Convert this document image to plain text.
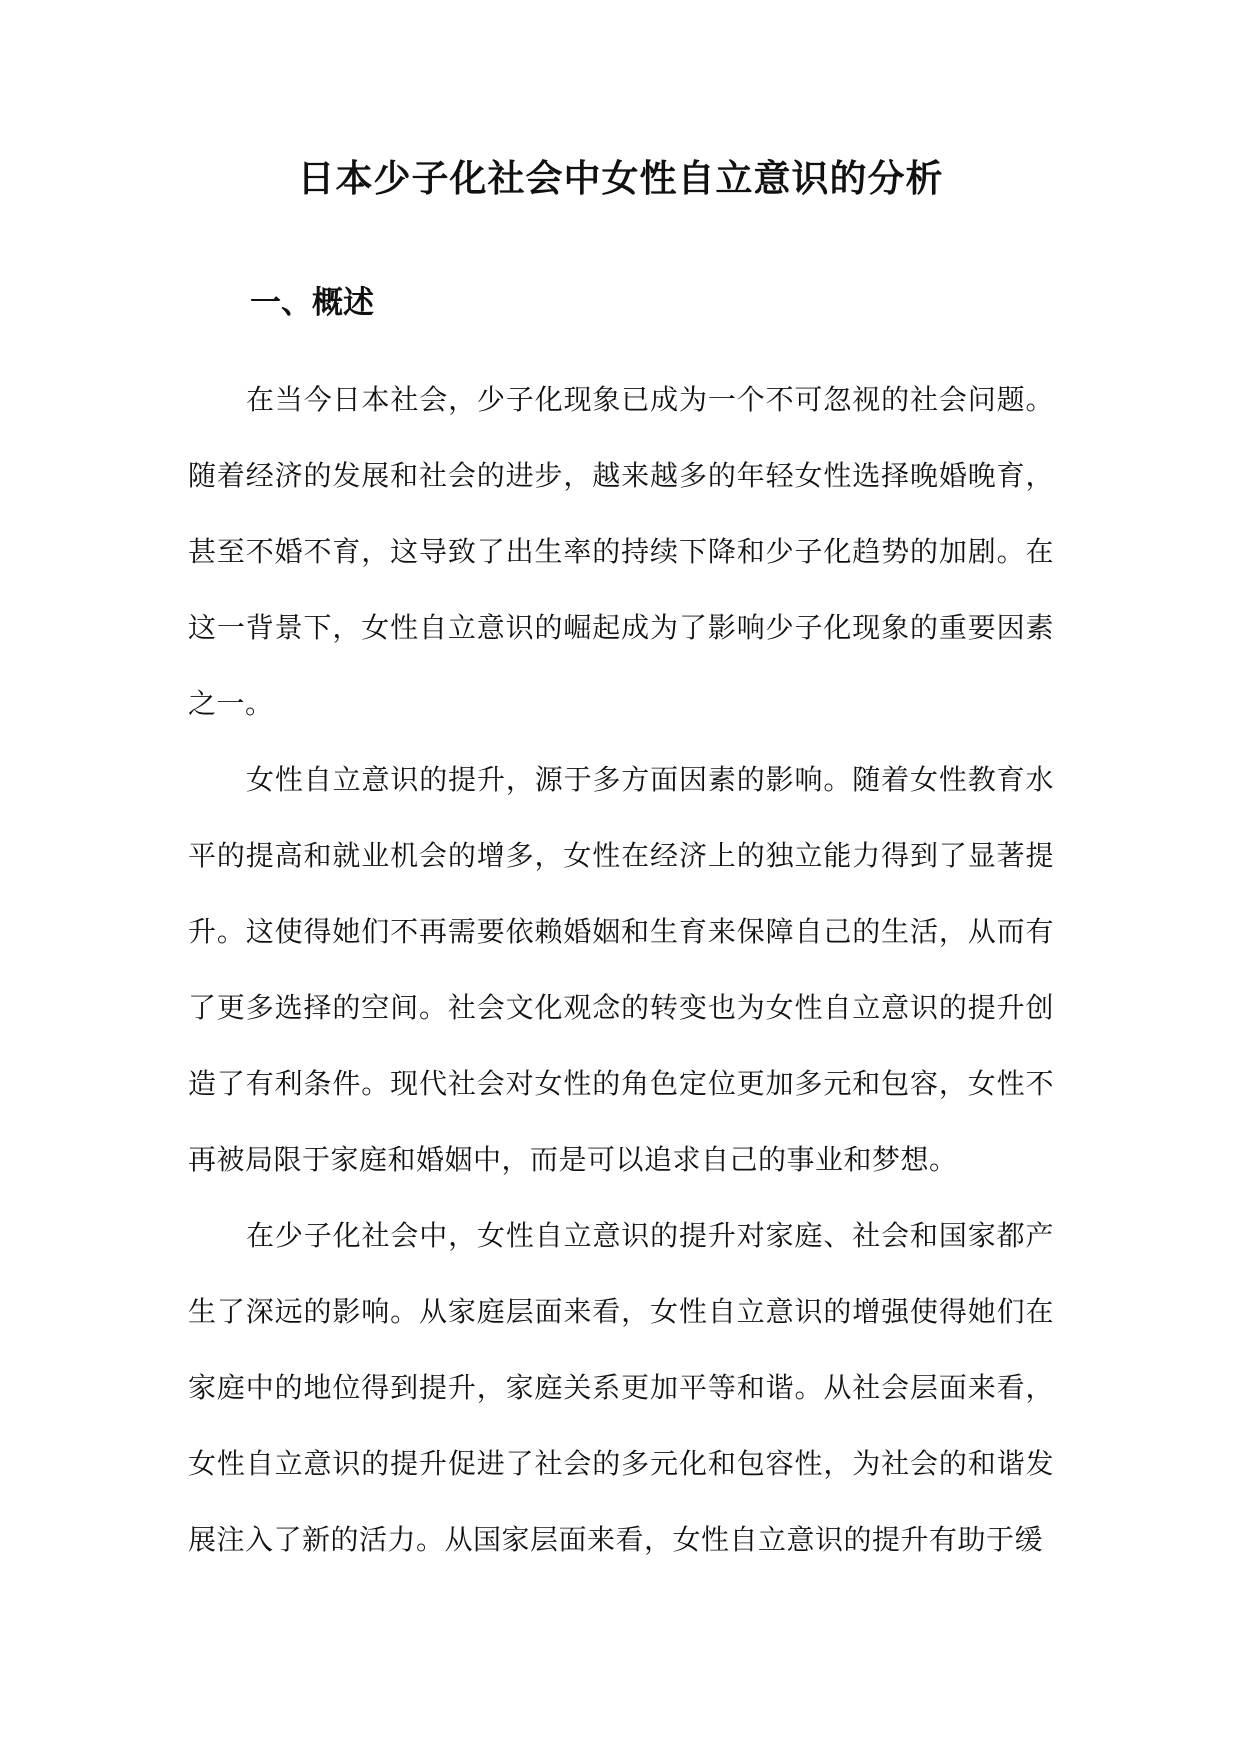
日本少子化社会中女性自立意识的分析
一、概述

在当今日本社会，少子化现象已成为一个不可忽视的社会问题。随着经济的发展和社会的进步，越来越多的年轻女性选择晚婚晚育，甚至不婚不育，这导致了出生率的持续下降和少子化趋势的加剧。在这一背景下，女性自立意识的崛起成为了影响少子化现象的重要因素之一。

女性自立意识的提升，源于多方面因素的影响。随着女性教育水平的提高和就业机会的增多，女性在经济上的独立能力得到了显著提升。这使得她们不再需要依赖婚姻和生育来保障自己的生活，从而有了更多选择的空间。社会文化观念的转变也为女性自立意识的提升创造了有利条件。现代社会对女性的角色定位更加多元和包容，女性不再被局限于家庭和婚姻中，而是可以追求自己的事业和梦想。

在少子化社会中，女性自立意识的提升对家庭、社会和国家都产生了深远的影响。从家庭层面来看，女性自立意识的增强使得她们在家庭中的地位得到提升，家庭关系更加平等和谐。从社会层面来看，女性自立意识的提升促进了社会的多元化和包容性，为社会的和谐发展注入了新的活力。从国家层面来看，女性自立意识的提升有助于缓
